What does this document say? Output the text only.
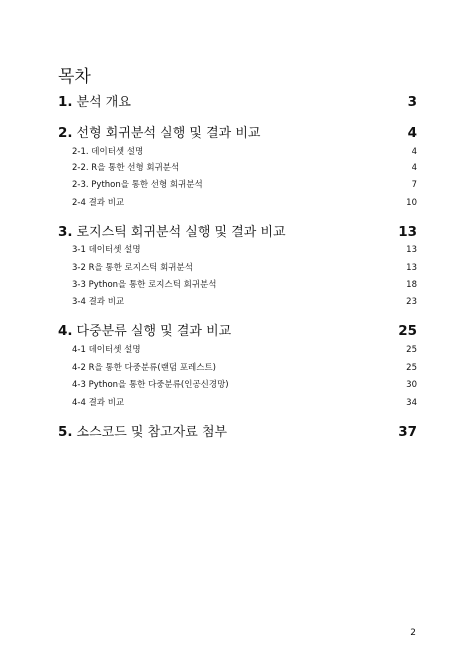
목차
1. 분석 개요	3
2. 선형 회귀분석 실행 및 결과 비교	4
2-1. 데이터셋 설명	4
2-2. R을 통한 선형 회귀분석	4
2-3. Python을 통한 선형 회귀분석	7
2-4 결과 비교	10
3. 로지스틱 회귀분석 실행 및 결과 비교	13
3-1 데이터셋 설명	13
3-2 R을 통한 로지스틱 회귀분석	13
3-3 Python을 통한 로지스틱 회귀분석	18
3-4 결과 비교	23
4. 다중분류 실행 및 결과 비교	25
4-1 데이터셋 설명	25
4-2 R을 통한 다중분류(랜덤 포레스트)	25
4-3 Python을 통한 다중분류(인공신경망)	30
4-4 결과 비교	34
5. 소스코드 및 참고자료 첨부	37
2
